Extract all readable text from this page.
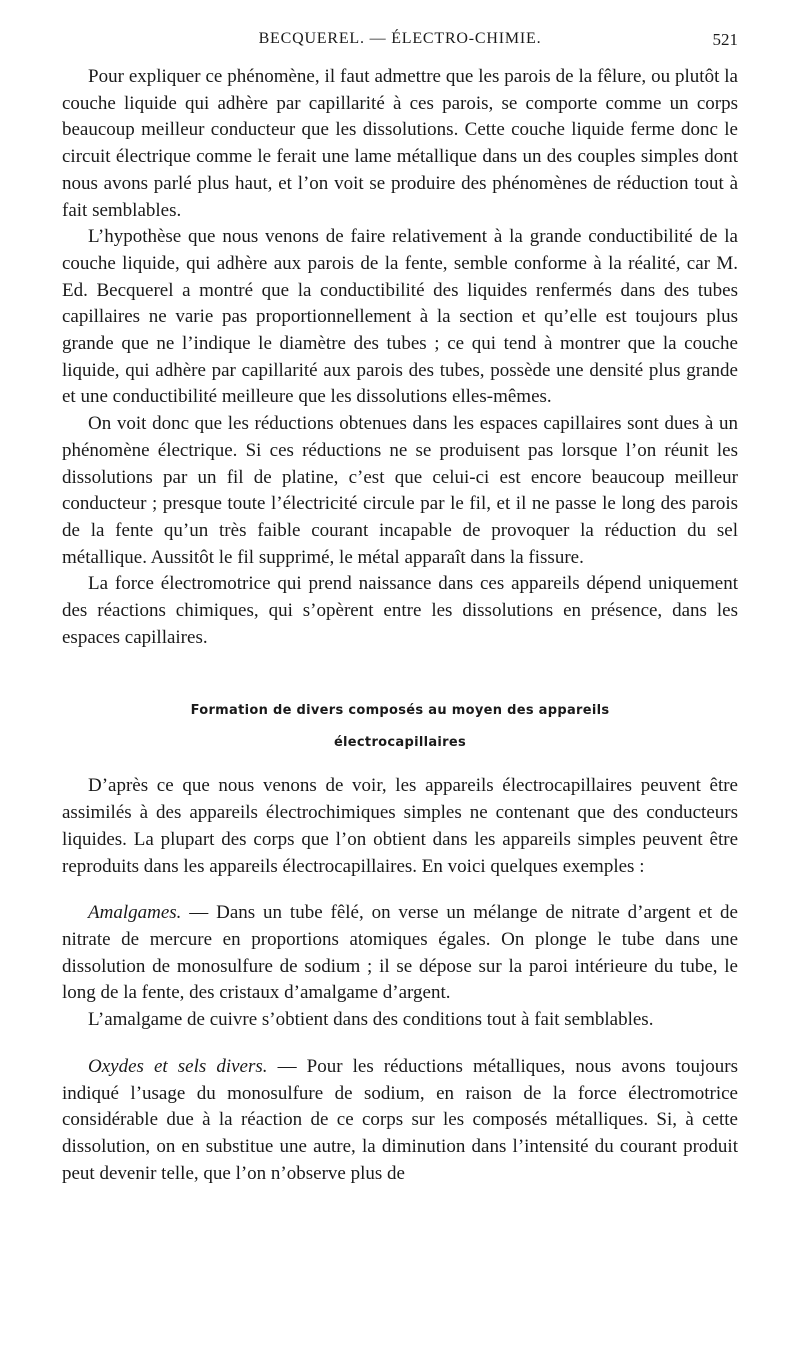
BECQUEREL. — ÉLECTRO-CHIMIE.	521

Pour expliquer ce phénomène, il faut admettre que les parois de la fêlure, ou plutôt la couche liquide qui adhère par capillarité à ces parois, se comporte comme un corps beaucoup meilleur conducteur que les dissolutions. Cette couche liquide ferme donc le circuit électrique comme le ferait une lame métallique dans un des couples simples dont nous avons parlé plus haut, et l’on voit se produire des phénomènes de réduction tout à fait semblables.

L’hypothèse que nous venons de faire relativement à la grande conductibilité de la couche liquide, qui adhère aux parois de la fente, semble conforme à la réalité, car M. Ed. Becquerel a montré que la conductibilité des liquides renfermés dans des tubes capillaires ne varie pas proportionnellement à la section et qu’elle est toujours plus grande que ne l’indique le diamètre des tubes ; ce qui tend à montrer que la couche liquide, qui adhère par capillarité aux parois des tubes, possède une densité plus grande et une conductibilité meilleure que les dissolutions elles-mêmes.

On voit donc que les réductions obtenues dans les espaces capillaires sont dues à un phénomène électrique. Si ces réductions ne se produisent pas lorsque l’on réunit les dissolutions par un fil de platine, c’est que celui-ci est encore beaucoup meilleur conducteur ; presque toute l’électricité circule par le fil, et il ne passe le long des parois de la fente qu’un très faible courant incapable de provoquer la réduction du sel métallique. Aussitôt le fil supprimé, le métal apparaît dans la fissure.

La force électromotrice qui prend naissance dans ces appareils dépend uniquement des réactions chimiques, qui s’opèrent entre les dissolutions en présence, dans les espaces capillaires.

Formation de divers composés au moyen des appareils
électrocapillaires

D’après ce que nous venons de voir, les appareils électrocapillaires peuvent être assimilés à des appareils électrochimiques simples ne contenant que des conducteurs liquides. La plupart des corps que l’on obtient dans les appareils simples peuvent être reproduits dans les appareils électrocapillaires. En voici quelques exemples :

Amalgames. — Dans un tube fêlé, on verse un mélange de nitrate d’argent et de nitrate de mercure en proportions atomiques égales. On plonge le tube dans une dissolution de monosulfure de sodium ; il se dépose sur la paroi intérieure du tube, le long de la fente, des cristaux d’amalgame d’argent.

L’amalgame de cuivre s’obtient dans des conditions tout à fait semblables.

Oxydes et sels divers. — Pour les réductions métalliques, nous avons toujours indiqué l’usage du monosulfure de sodium, en raison de la force électromotrice considérable due à la réaction de ce corps sur les composés métalliques. Si, à cette dissolution, on en substitue une autre, la diminution dans l’intensité du courant produit peut devenir telle, que l’on n’observe plus de
